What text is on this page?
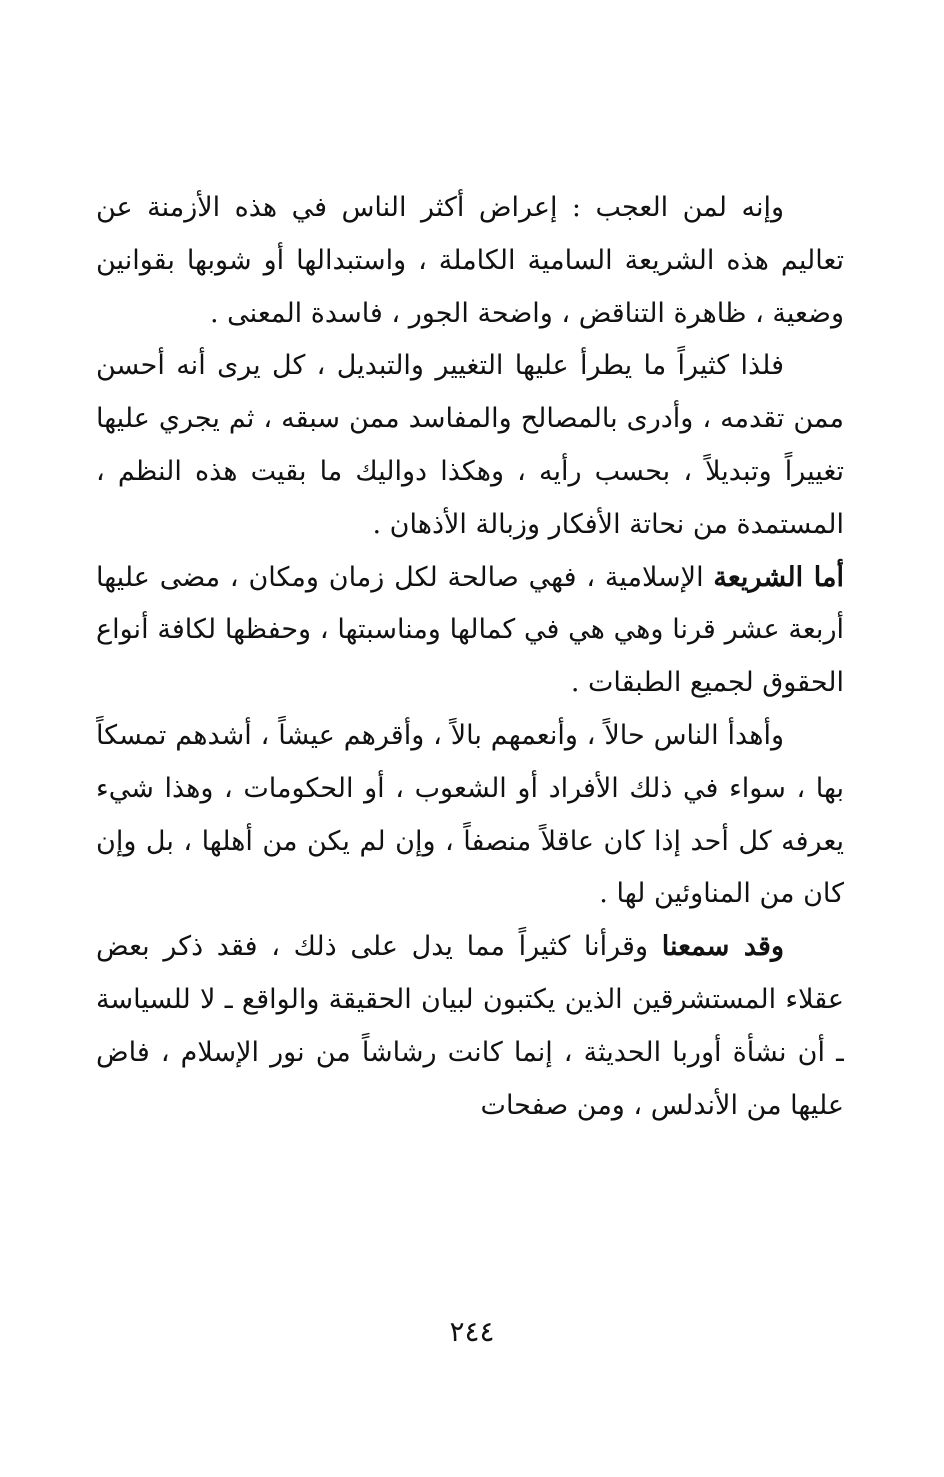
وإنه لمن العجب : إعراض أكثر الناس في هذه الأزمنة عن تعاليم هذه الشريعة السامية الكاملة ، واستبدالها أو شوبها بقوانين وضعية ، ظاهرة التناقض ، واضحة الجور ، فاسدة المعنى .

فلذا كثيراً ما يطرأ عليها التغيير والتبديل ، كل يرى أنه أحسن ممن تقدمه ، وأدرى بالمصالح والمفاسد ممن سبقه ، ثم يجري عليها تغييراً وتبديلاً ، بحسب رأيه ، وهكذا دواليك ما بقيت هذه النظم ، المستمدة من نحاتة الأفكار وزبالة الأذهان .

أما الشريعة الإسلامية ، فهي صالحة لكل زمان ومكان ، مضى عليها أربعة عشر قرنا وهي هي في كمالها ومناسبتها ، وحفظها لكافة أنواع الحقوق لجميع الطبقات .

وأهدأ الناس حالاً ، وأنعمهم بالاً ، وأقرهم عيشاً ، أشدهم تمسكاً بها ، سواء في ذلك الأفراد أو الشعوب ، أو الحكومات ، وهذا شيء يعرفه كل أحد إذا كان عاقلاً منصفاً ، وإن لم يكن من أهلها ، بل وإن كان من المناوئين لها .

وقد سمعنا وقرأنا كثيراً مما يدل على ذلك ، فقد ذكر بعض عقلاء المستشرقين الذين يكتبون لبيان الحقيقة والواقع ـ لا للسياسة ـ أن نشأة أوربا الحديثة ، إنما كانت رشاشاً من نور الإسلام ، فاض عليها من الأندلس ، ومن صفحات

٢٤٤
